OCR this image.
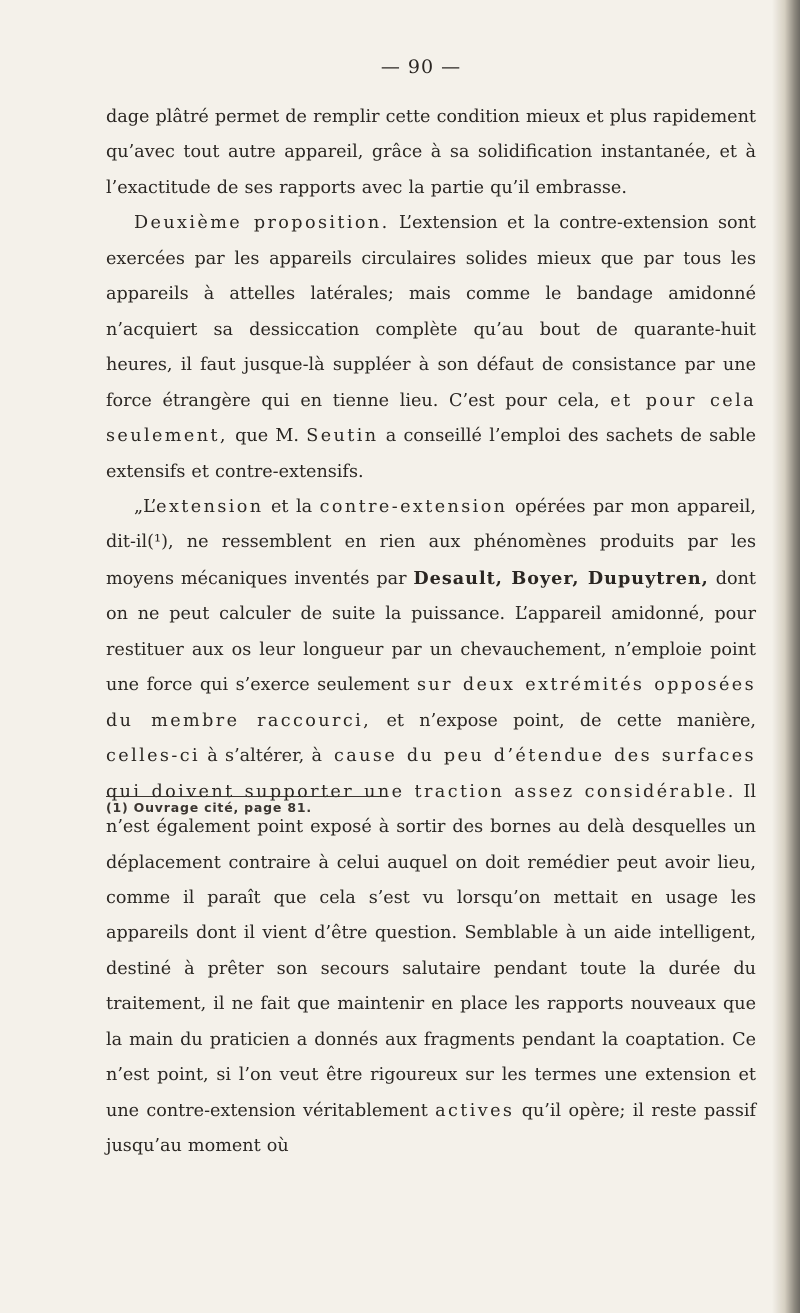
— 90 —

dage plâtré permet de remplir cette condition mieux et plus rapidement qu’avec tout autre appareil, grâce à sa solidification instantanée, et à l’exactitude de ses rapports avec la partie qu’il embrasse.

Deuxième proposition. L’extension et la contre-extension sont exercées par les appareils circulaires solides mieux que par tous les appareils à attelles latérales; mais comme le bandage amidonné n’acquiert sa dessiccation complète qu’au bout de quarante-huit heures, il faut jusque-là suppléer à son défaut de consistance par une force étrangère qui en tienne lieu. C’est pour cela, et pour cela seulement, que M. Seutin a conseillé l’emploi des sachets de sable extensifs et contre-extensifs.

„L’extension et la contre-extension opérées par mon appareil, dit-il(¹), ne ressemblent en rien aux phénomènes produits par les moyens mécaniques inventés par Desault, Boyer, Dupuytren, dont on ne peut calculer de suite la puissance. L’appareil amidonné, pour restituer aux os leur longueur par un chevauchement, n’emploie point une force qui s’exerce seulement sur deux extrémités opposées du membre raccourci, et n’expose point, de cette manière, celles-ci à s’altérer, à cause du peu d’étendue des surfaces qui doivent supporter une traction assez considérable. Il n’est également point exposé à sortir des bornes au delà desquelles un déplacement contraire à celui auquel on doit remédier peut avoir lieu, comme il paraît que cela s’est vu lorsqu’on mettait en usage les appareils dont il vient d’être question. Semblable à un aide intelligent, destiné à prêter son secours salutaire pendant toute la durée du traitement, il ne fait que maintenir en place les rapports nouveaux que la main du praticien a donnés aux fragments pendant la coaptation. Ce n’est point, si l’on veut être rigoureux sur les termes une extension et une contre-extension véritablement actives qu’il opère; il reste passif jusqu’au moment où

(1) Ouvrage cité, page 81.
